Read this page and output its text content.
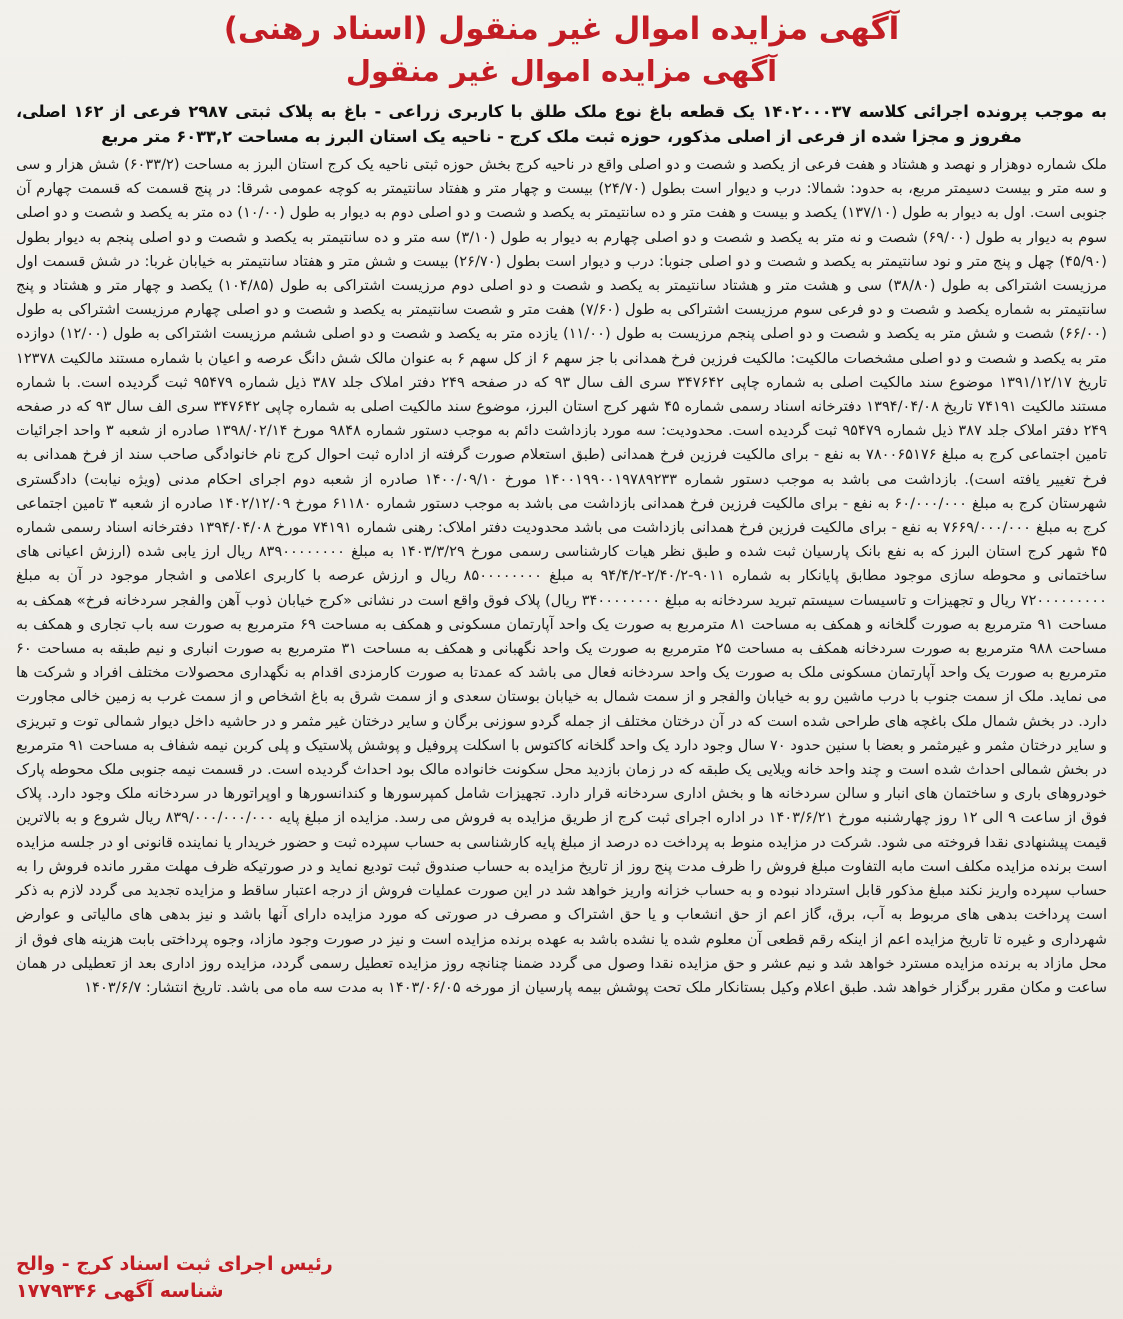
آگهی مزایده اموال غیر منقول (اسناد رهنی)
آگهی مزایده اموال غیر منقول

به موجب پرونده اجرائی کلاسه ۱۴۰۲۰۰۰۳۷ یک قطعه باغ نوع ملک طلق با کاربری زراعی - باغ به پلاک ثبتی ۲۹۸۷ فرعی از ۱۶۲ اصلی، مفروز و مجزا شده از فرعی از اصلی مذکور، حوزه ثبت ملک کرج - ناحیه یک استان البرز به مساحت ۶۰۳۳,۲ متر مربع

ملک شماره دوهزار و نهصد و هشتاد و هفت فرعی از یکصد و شصت و دو اصلی واقع در ناحیه کرج بخش حوزه ثبتی ناحیه یک کرج استان البرز به مساحت (۶۰۳۳/۲) شش هزار و سی و سه متر و بیست دسیمتر مربع، به حدود: شمالا: درب و دیوار است بطول (۲۴/۷۰) بیست و چهار متر و هفتاد سانتیمتر به کوچه عمومی شرقا: در پنج قسمت که قسمت چهارم آن جنوبی است. اول به دیوار به طول (۱۳۷/۱۰) یکصد و بیست و هفت متر و ده سانتیمتر به یکصد و شصت و دو اصلی دوم به دیوار به طول (۱۰/۰۰) ده متر به یکصد و شصت و دو اصلی سوم به دیوار به طول (۶۹/۰۰) شصت و نه متر به یکصد و شصت و دو اصلی چهارم به دیوار به طول (۳/۱۰) سه متر و ده سانتیمتر به یکصد و شصت و دو اصلی پنجم به دیوار بطول (۴۵/۹۰) چهل و پنج متر و نود سانتیمتر به یکصد و شصت و دو اصلی جنوبا: درب و دیوار است بطول (۲۶/۷۰) بیست و شش متر و هفتاد سانتیمتر به خیابان غربا: در شش قسمت اول مرزیست اشتراکی به طول (۳۸/۸۰) سی و هشت متر و هشتاد سانتیمتر به یکصد و شصت و دو اصلی دوم مرزیست اشتراکی به طول (۱۰۴/۸۵) یکصد و چهار متر و هشتاد و پنج سانتیمتر به شماره یکصد و شصت و دو فرعی سوم مرزیست اشتراکی به طول (۷/۶۰) هفت متر و شصت سانتیمتر به یکصد و شصت و دو اصلی چهارم مرزیست اشتراکی به طول (۶۶/۰۰) شصت و شش متر به یکصد و شصت و دو اصلی پنجم مرزیست به طول (۱۱/۰۰) یازده متر به یکصد و شصت و دو اصلی ششم مرزیست اشتراکی به طول (۱۲/۰۰) دوازده متر به یکصد و شصت و دو اصلی مشخصات مالکیت: مالکیت فرزین فرخ همدانی با جز سهم ۶ از کل سهم ۶ به عنوان مالک شش دانگ عرصه و اعیان با شماره مستند مالکیت ۱۲۳۷۸ تاریخ ۱۳۹۱/۱۲/۱۷ موضوع سند مالکیت اصلی به شماره چاپی ۳۴۷۶۴۲ سری الف سال ۹۳ که در صفحه ۲۴۹ دفتر املاک جلد ۳۸۷ ذیل شماره ۹۵۴۷۹ ثبت گردیده است. با شماره مستند مالکیت ۷۴۱۹۱ تاریخ ۱۳۹۴/۰۴/۰۸ دفترخانه اسناد رسمی شماره ۴۵ شهر کرج استان البرز، موضوع سند مالکیت اصلی به شماره چاپی ۳۴۷۶۴۲ سری الف سال ۹۳ که در صفحه ۲۴۹ دفتر املاک جلد ۳۸۷ ذیل شماره ۹۵۴۷۹ ثبت گردیده است. محدودیت: سه مورد بازداشت دائم به موجب دستور شماره ۹۸۴۸ مورخ ۱۳۹۸/۰۲/۱۴ صادره از شعبه ۳ واحد اجرائیات تامین اجتماعی کرج به مبلغ ۷۸۰۰۶۵۱۷۶ به نفع - برای مالکیت فرزین فرخ همدانی (طبق استعلام صورت گرفته از اداره ثبت احوال کرج نام خانوادگی صاحب سند از فرخ همدانی به فرخ تغییر یافته است). بازداشت می باشد به موجب دستور شماره ۱۴۰۰۱۹۹۰۰۱۹۷۸۹۲۳۳ مورخ ۱۴۰۰/۰۹/۱۰ صادره از شعبه دوم اجرای احکام مدنی (ویژه نیابت) دادگستری شهرستان کرج به مبلغ ۶۰/۰۰۰/۰۰۰ به نفع - برای مالکیت فرزین فرخ همدانی بازداشت می باشد به موجب دستور شماره ۶۱۱۸۰ مورخ ۱۴۰۲/۱۲/۰۹ صادره از شعبه ۳ تامین اجتماعی کرج به مبلغ ۷۶۶۹/۰۰۰/۰۰۰ به نفع - برای مالکیت فرزین فرخ همدانی بازداشت می باشد محدودیت دفتر املاک: رهنی شماره ۷۴۱۹۱ مورخ ۱۳۹۴/۰۴/۰۸ دفترخانه اسناد رسمی شماره ۴۵ شهر کرج استان البرز که به نفع بانک پارسیان ثبت شده و طبق نظر هیات کارشناسی رسمی مورخ ۱۴۰۳/۳/۲۹ به مبلغ ۸۳۹۰۰۰۰۰۰۰۰ ریال ارز یابی شده (ارزش اعیانی های ساختمانی و محوطه سازی موجود مطابق پایانکار به شماره ۹۰۱۱-۲/۴۰/۲-۹۴/۴/۲ به مبلغ ۸۵۰۰۰۰۰۰۰۰ ریال و ارزش عرصه با کاربری اعلامی و اشجار موجود در آن به مبلغ ۷۲۰۰۰۰۰۰۰۰۰ ریال و تجهیزات و تاسیسات سیستم تبرید سردخانه به مبلغ ۳۴۰۰۰۰۰۰۰۰ ریال) پلاک فوق واقع است در نشانی «کرج خیابان ذوب آهن والفجر سردخانه فرخ» همکف به مساحت ۹۱ مترمربع به صورت گلخانه و همکف به مساحت ۸۱ مترمربع به صورت یک واحد آپارتمان مسکونی و همکف به مساحت ۶۹ مترمربع به صورت سه باب تجاری و همکف به مساحت ۹۸۸ مترمربع به صورت سردخانه همکف به مساحت ۲۵ مترمربع به صورت یک واحد نگهبانی و همکف به مساحت ۳۱ مترمربع به صورت انباری و نیم طبقه به مساحت ۶۰ مترمربع به صورت یک واحد آپارتمان مسکونی ملک به صورت یک واحد سردخانه فعال می باشد که عمدتا به صورت کارمزدی اقدام به نگهداری محصولات مختلف افراد و شرکت ها می نماید. ملک از سمت جنوب با درب ماشین رو به خیابان والفجر و از سمت شمال به خیابان بوستان سعدی و از سمت شرق به باغ اشخاص و از سمت غرب به زمین خالی مجاورت دارد. در بخش شمال ملک باغچه های طراحی شده است که در آن درختان مختلف از جمله گردو سوزنی برگان و سایر درختان غیر مثمر و در حاشیه داخل دیوار شمالی توت و تبریزی و سایر درختان مثمر و غیرمثمر و بعضا با سنین حدود ۷۰ سال وجود دارد یک واحد گلخانه کاکتوس با اسکلت پروفیل و پوشش پلاستیک و پلی کربن نیمه شفاف به مساحت ۹۱ مترمربع در بخش شمالی احداث شده است و چند واحد خانه ویلایی یک طبقه که در زمان بازدید محل سکونت خانواده مالک بود احداث گردیده است. در قسمت نیمه جنوبی ملک محوطه پارک خودروهای باری و ساختمان های انبار و سالن سردخانه ها و بخش اداری سردخانه قرار دارد. تجهیزات شامل کمپرسورها و کندانسورها و اوپراتورها در سردخانه ملک وجود دارد. پلاک فوق از ساعت ۹ الی ۱۲ روز چهارشنبه مورخ ۱۴۰۳/۶/۲۱ در اداره اجرای ثبت کرج از طریق مزایده به فروش می رسد. مزایده از مبلغ پایه ۸۳۹/۰۰۰/۰۰۰/۰۰۰ ریال شروع و به بالاترین قیمت پیشنهادی نقدا فروخته می شود. شرکت در مزایده منوط به پرداخت ده درصد از مبلغ پایه کارشناسی به حساب سپرده ثبت و حضور خریدار یا نماینده قانونی او در جلسه مزایده است برنده مزایده مکلف است مابه التفاوت مبلغ فروش را ظرف مدت پنج روز از تاریخ مزایده به حساب صندوق ثبت تودیع نماید و در صورتیکه ظرف مهلت مقرر مانده فروش را به حساب سپرده واریز نکند مبلغ مذکور قابل استرداد نبوده و به حساب خزانه واریز خواهد شد در این صورت عملیات فروش از درجه اعتبار ساقط و مزایده تجدید می گردد لازم به ذکر است پرداخت بدهی های مربوط به آب، برق، گاز اعم از حق انشعاب و یا حق اشتراک و مصرف در صورتی که مورد مزایده دارای آنها باشد و نیز بدهی های مالیاتی و عوارض شهرداری و غیره تا تاریخ مزایده اعم از اینکه رقم قطعی آن معلوم شده یا نشده باشد به عهده برنده مزایده است و نیز در صورت وجود مازاد، وجوه پرداختی بابت هزینه های فوق از محل مازاد به برنده مزایده مسترد خواهد شد و نیم عشر و حق مزایده نقدا وصول می گردد ضمنا چنانچه روز مزایده تعطیل رسمی گردد، مزایده روز اداری بعد از تعطیلی در همان ساعت و مکان مقرر برگزار خواهد شد. طبق اعلام وکیل بستانکار ملک تحت پوشش بیمه پارسیان از مورخه ۱۴۰۳/۰۶/۰۵ به مدت سه ماه می باشد. تاریخ انتشار: ۱۴۰۳/۶/۷

رئیس اجرای ثبت اسناد کرج - والح
شناسه آگهی ۱۷۷۹۳۴۶
